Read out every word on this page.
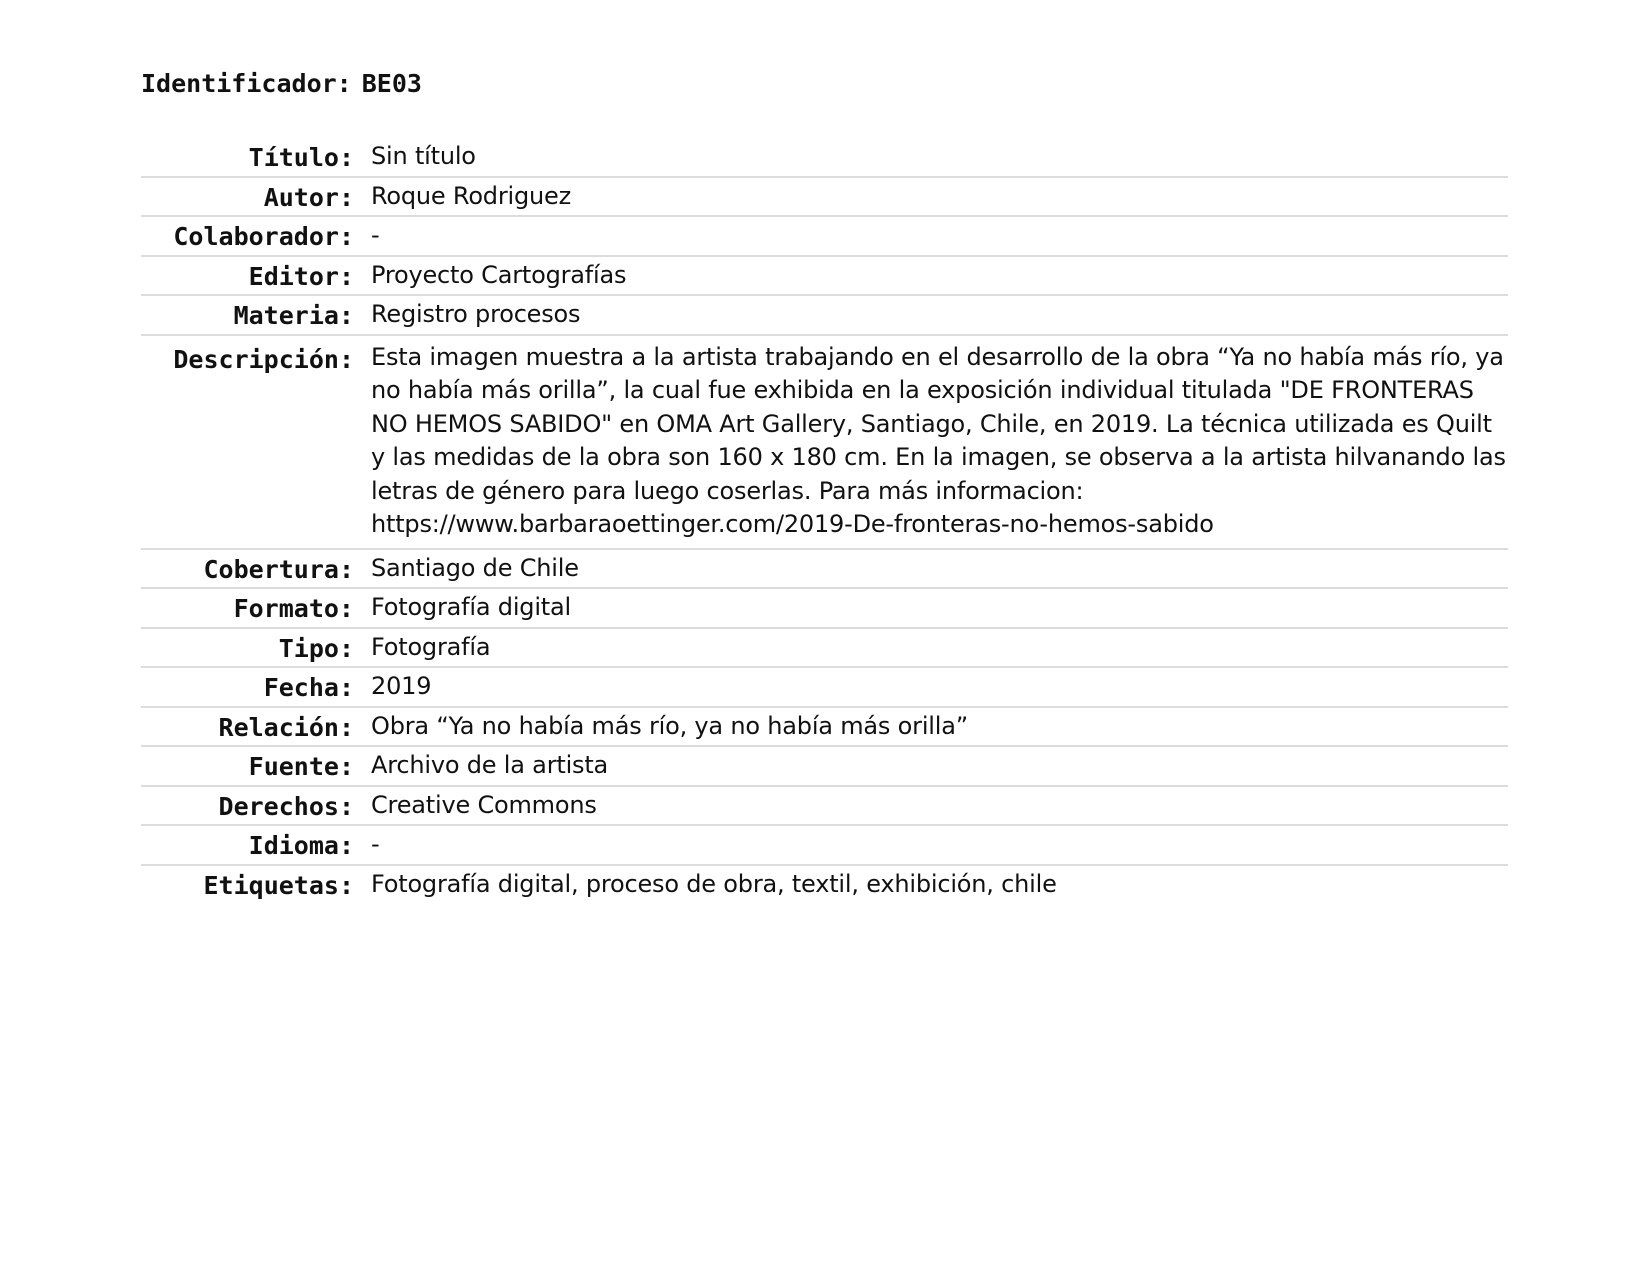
Identificador: BE03
Título: Sin título
Autor: Roque Rodriguez
Colaborador: -
Editor: Proyecto Cartografías
Materia: Registro procesos
Descripción: Esta imagen muestra a la artista trabajando en el desarrollo de la obra “Ya no había más río, ya no había más orilla”, la cual fue exhibida en la exposición individual titulada "DE FRONTERAS NO HEMOS SABIDO" en OMA Art Gallery, Santiago, Chile, en 2019. La técnica utilizada es Quilt y las medidas de la obra son 160 x 180 cm. En la imagen, se observa a la artista hilvanando las letras de género para luego coserlas. Para más informacion: https://www.barbaraoettinger.com/2019-De-fronteras-no-hemos-sabido
Cobertura: Santiago de Chile
Formato: Fotografía digital
Tipo: Fotografía
Fecha: 2019
Relación: Obra “Ya no había más río, ya no había más orilla”
Fuente: Archivo de la artista
Derechos: Creative Commons
Idioma: -
Etiquetas: Fotografía digital, proceso de obra, textil, exhibición, chile
